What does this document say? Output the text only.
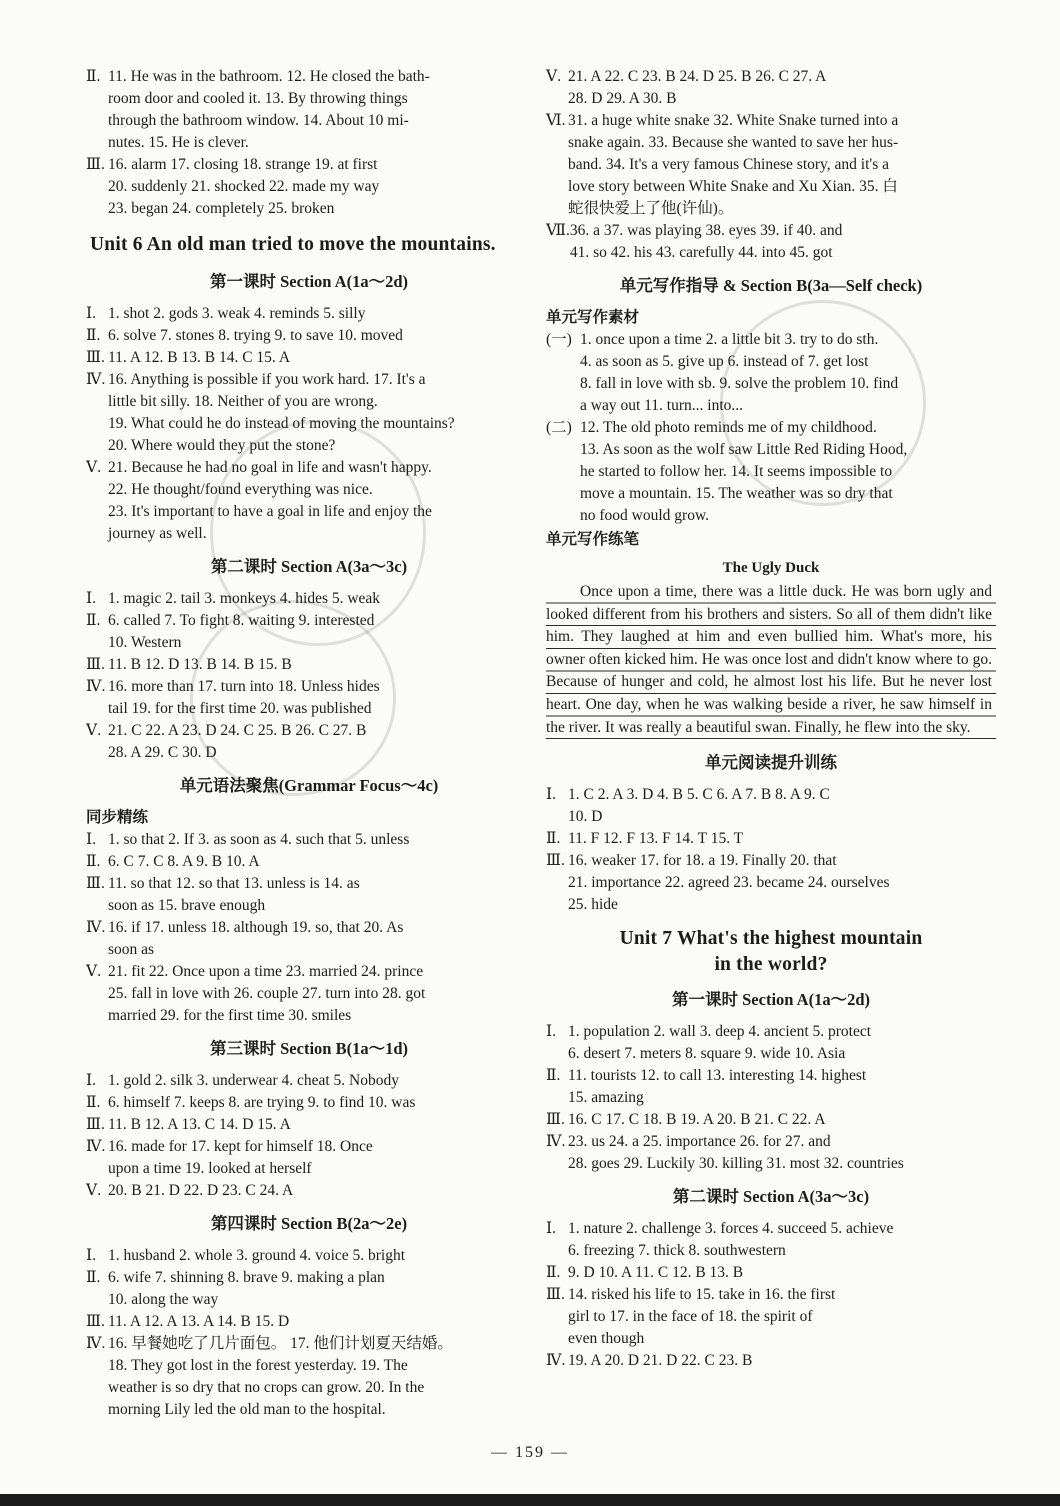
Ⅱ. 11. He was in the bathroom. 12. He closed the bath-
room door and cooled it. 13. By throwing things
through the bathroom window. 14. About 10 mi-
nutes. 15. He is clever.
Ⅲ. 16. alarm 17. closing 18. strange 19. at first
20. suddenly 21. shocked 22. made my way
23. began 24. completely 25. broken
Unit 6 An old man tried to move the mountains.
第一课时 Section A(1a～2d)
Ⅰ. 1. shot 2. gods 3. weak 4. reminds 5. silly
Ⅱ. 6. solve 7. stones 8. trying 9. to save 10. moved
Ⅲ. 11. A 12. B 13. B 14. C 15. A
Ⅳ. 16. Anything is possible if you work hard. 17. It's a
little bit silly. 18. Neither of you are wrong.
19. What could he do instead of moving the mountains?
20. Where would they put the stone?
Ⅴ. 21. Because he had no goal in life and wasn't happy.
22. He thought/found everything was nice.
23. It's important to have a goal in life and enjoy the
journey as well.
第二课时 Section A(3a～3c)
Ⅰ. 1. magic 2. tail 3. monkeys 4. hides 5. weak
Ⅱ. 6. called 7. To fight 8. waiting 9. interested
10. Western
Ⅲ. 11. B 12. D 13. B 14. B 15. B
Ⅳ. 16. more than 17. turn into 18. Unless hides
tail 19. for the first time 20. was published
Ⅴ. 21. C 22. A 23. D 24. C 25. B 26. C 27. B
28. A 29. C 30. D
单元语法聚焦(Grammar Focus～4c)
同步精练
Ⅰ. 1. so that 2. If 3. as soon as 4. such that 5. unless
Ⅱ. 6. C 7. C 8. A 9. B 10. A
Ⅲ. 11. so that 12. so that 13. unless is 14. as
soon as 15. brave enough
Ⅳ. 16. if 17. unless 18. although 19. so, that 20. As
soon as
Ⅴ. 21. fit 22. Once upon a time 23. married 24. prince
25. fall in love with 26. couple 27. turn into 28. got
married 29. for the first time 30. smiles
第三课时 Section B(1a～1d)
Ⅰ. 1. gold 2. silk 3. underwear 4. cheat 5. Nobody
Ⅱ. 6. himself 7. keeps 8. are trying 9. to find 10. was
Ⅲ. 11. B 12. A 13. C 14. D 15. A
Ⅳ. 16. made for 17. kept for himself 18. Once
upon a time 19. looked at herself
Ⅴ. 20. B 21. D 22. D 23. C 24. A
第四课时 Section B(2a～2e)
Ⅰ. 1. husband 2. whole 3. ground 4. voice 5. bright
Ⅱ. 6. wife 7. shinning 8. brave 9. making a plan
10. along the way
Ⅲ. 11. A 12. A 13. A 14. B 15. D
Ⅳ. 16. 早餐她吃了几片面包。 17. 他们计划夏天结婚。
18. They got lost in the forest yesterday. 19. The
weather is so dry that no crops can grow. 20. In the
morning Lily led the old man to the hospital.
Ⅴ. 21. A 22. C 23. B 24. D 25. B 26. C 27. A
28. D 29. A 30. B
Ⅵ. 31. a huge white snake 32. White Snake turned into a
snake again. 33. Because she wanted to save her hus-
band. 34. It's a very famous Chinese story, and it's a
love story between White Snake and Xu Xian. 35. 白
蛇很快爱上了他(许仙)。
Ⅶ. 36. a 37. was playing 38. eyes 39. if 40. and
41. so 42. his 43. carefully 44. into 45. got
单元写作指导 & Section B(3a—Self check)
单元写作素材
(一) 1. once upon a time 2. a little bit 3. try to do sth.
4. as soon as 5. give up 6. instead of 7. get lost
8. fall in love with sb. 9. solve the problem 10. find
a way out 11. turn... into...
(二) 12. The old photo reminds me of my childhood.
13. As soon as the wolf saw Little Red Riding Hood,
he started to follow her. 14. It seems impossible to
move a mountain. 15. The weather was so dry that
no food would grow.
单元写作练笔
The Ugly Duck
Once upon a time, there was a little duck. He was born ugly and looked different from his brothers and sisters. So all of them didn't like him. They laughed at him and even bullied him. What's more, his owner often kicked him. He was once lost and didn't know where to go. Because of hunger and cold, he almost lost his life. But he never lost heart. One day, when he was walking beside a river, he saw himself in the river. It was really a beautiful swan. Finally, he flew into the sky.
单元阅读提升训练
Ⅰ. 1. C 2. A 3. D 4. B 5. C 6. A 7. B 8. A 9. C
10. D
Ⅱ. 11. F 12. F 13. F 14. T 15. T
Ⅲ. 16. weaker 17. for 18. a 19. Finally 20. that
21. importance 22. agreed 23. became 24. ourselves
25. hide
Unit 7 What's the highest mountain
in the world?
第一课时 Section A(1a～2d)
Ⅰ. 1. population 2. wall 3. deep 4. ancient 5. protect
6. desert 7. meters 8. square 9. wide 10. Asia
Ⅱ. 11. tourists 12. to call 13. interesting 14. highest
15. amazing
Ⅲ. 16. C 17. C 18. B 19. A 20. B 21. C 22. A
Ⅳ. 23. us 24. a 25. importance 26. for 27. and
28. goes 29. Luckily 30. killing 31. most 32. countries
第二课时 Section A(3a～3c)
Ⅰ. 1. nature 2. challenge 3. forces 4. succeed 5. achieve
6. freezing 7. thick 8. southwestern
Ⅱ. 9. D 10. A 11. C 12. B 13. B
Ⅲ. 14. risked his life to 15. take in 16. the first
girl to 17. in the face of 18. the spirit of
even though
Ⅳ. 19. A 20. D 21. D 22. C 23. B
— 159 —
